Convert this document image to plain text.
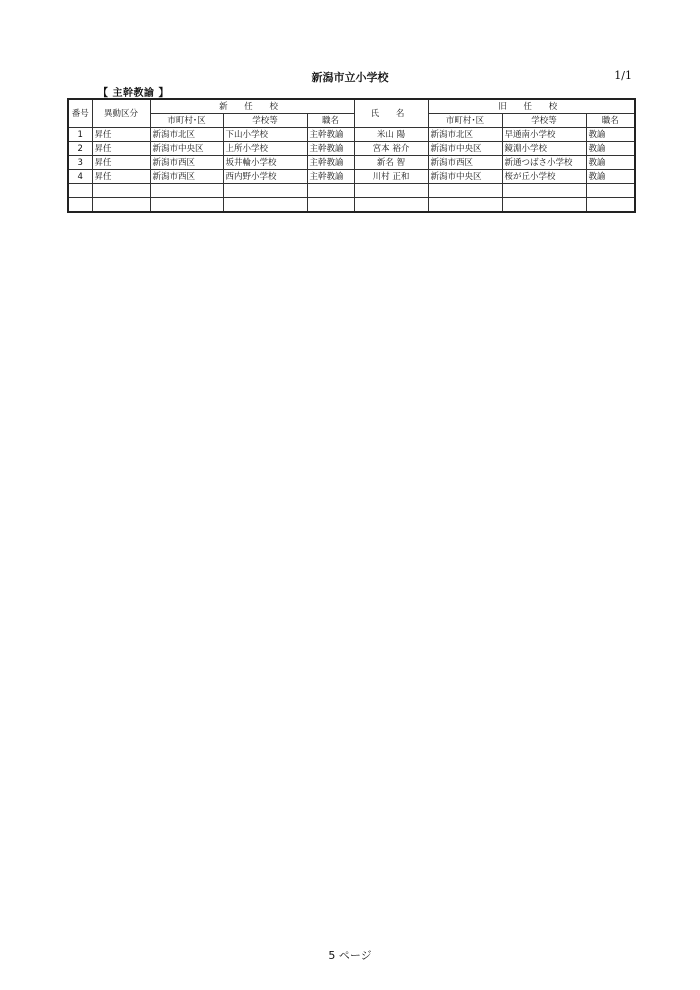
新潟市立小学校	1/1
【 主幹教諭 】
番号	異動区分	新 任 校			氏 名	旧 任 校		
		市町村･区	学校等	職名		市町村･区	学校等	職名
1	昇任	新潟市北区	下山小学校	主幹教諭	米山 陽	新潟市北区	早通南小学校	教諭
2	昇任	新潟市中央区	上所小学校	主幹教諭	宮本 裕介	新潟市中央区	鏡淵小学校	教諭
3	昇任	新潟市西区	坂井輪小学校	主幹教諭	新名 智	新潟市西区	新通つばさ小学校	教諭
4	昇任	新潟市西区	西内野小学校	主幹教諭	川村 正和	新潟市中央区	桜が丘小学校	教諭

5 ページ
